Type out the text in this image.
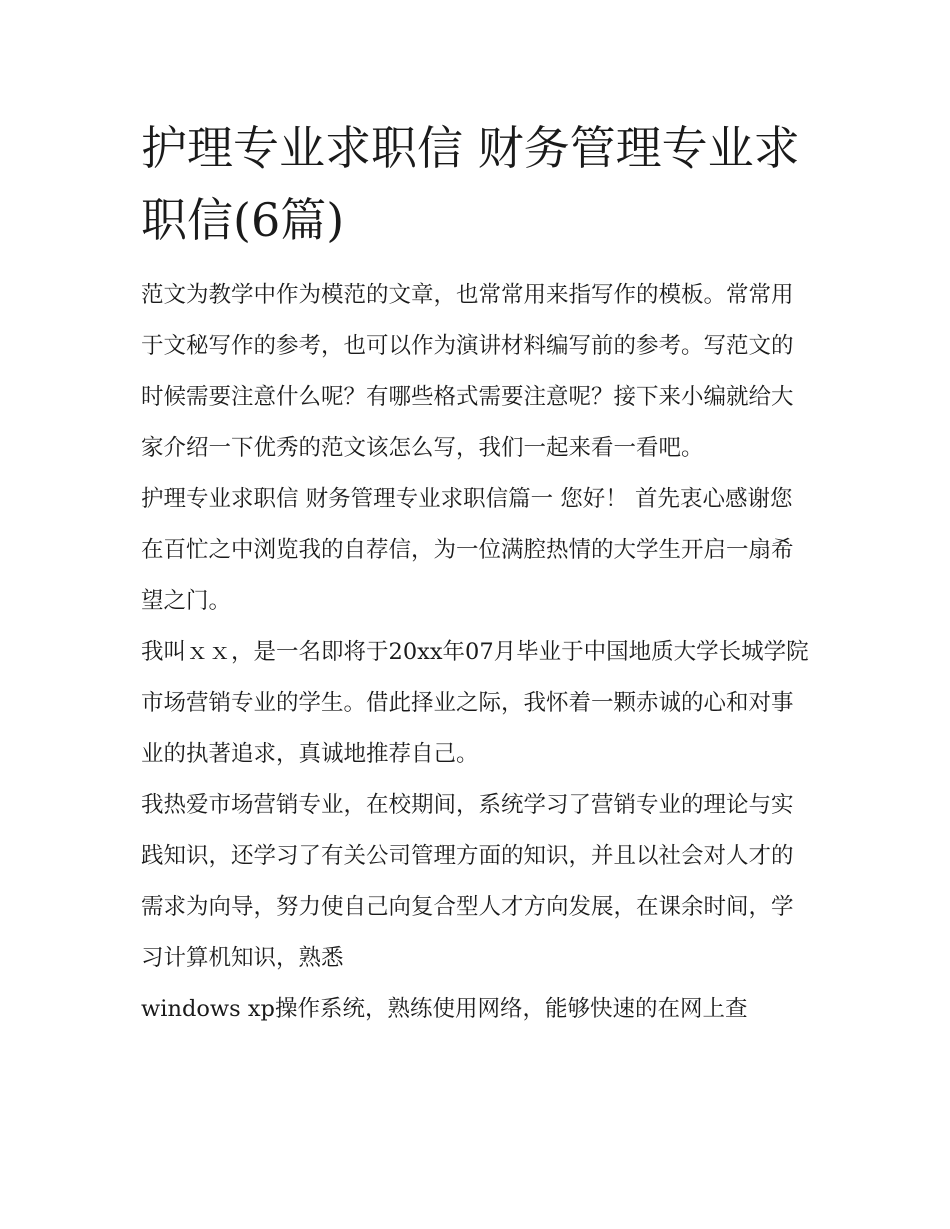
护理专业求职信 财务管理专业求职信(6篇)

范文为教学中作为模范的文章，也常常用来指写作的模板。常常用于文秘写作的参考，也可以作为演讲材料编写前的参考。写范文的时候需要注意什么呢？有哪些格式需要注意呢？接下来小编就给大家介绍一下优秀的范文该怎么写，我们一起来看一看吧。

护理专业求职信 财务管理专业求职信篇一 您好！ 首先衷心感谢您在百忙之中浏览我的自荐信，为一位满腔热情的大学生开启一扇希望之门。

我叫ｘｘ，是一名即将于20xx年07月毕业于中国地质大学长城学院市场营销专业的学生。借此择业之际，我怀着一颗赤诚的心和对事业的执著追求，真诚地推荐自己。

我热爱市场营销专业，在校期间，系统学习了营销专业的理论与实践知识，还学习了有关公司管理方面的知识，并且以社会对人才的需求为向导，努力使自己向复合型人才方向发展，在课余时间，学习计算机知识，熟悉

windows xp操作系统，熟练使用网络，能够快速的在网上查
